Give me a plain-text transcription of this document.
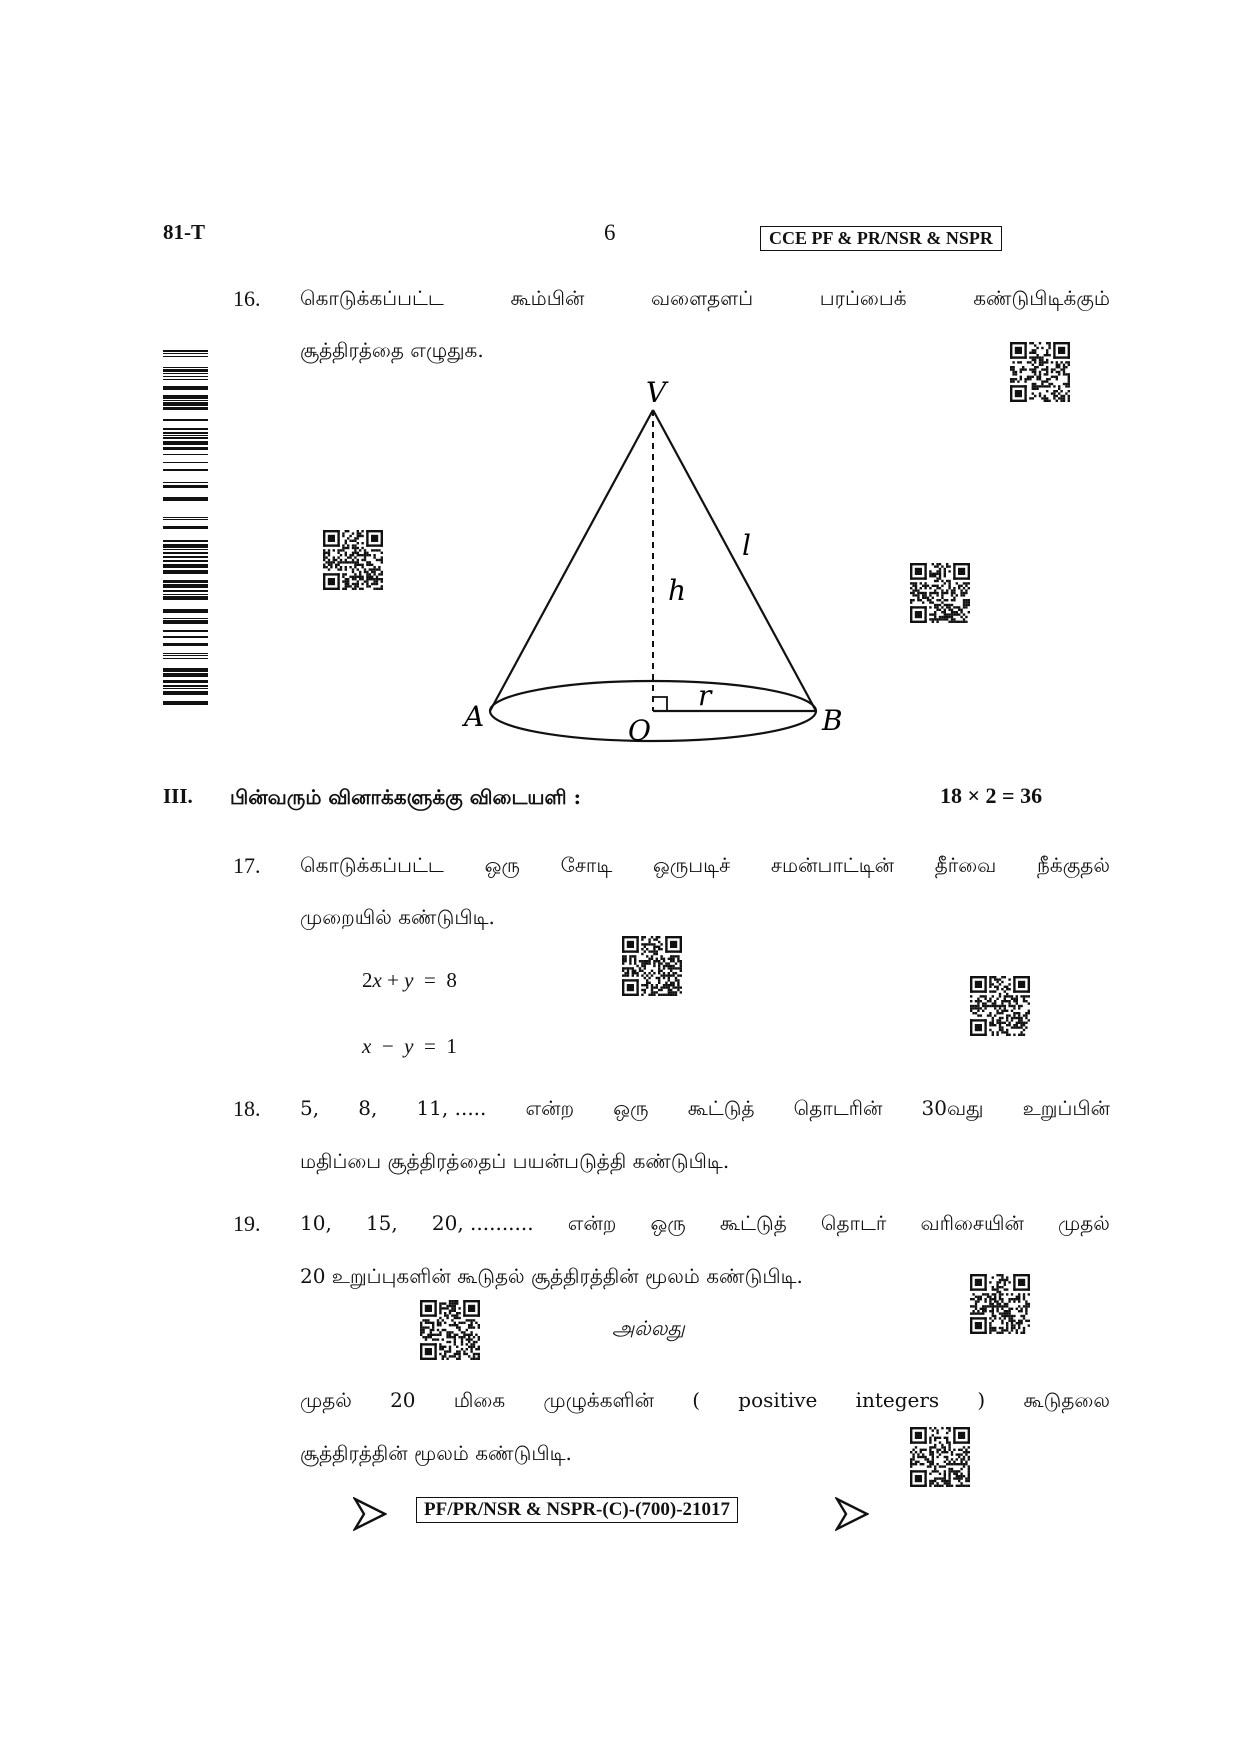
81-T	6	CCE PF & PR/NSR & NSPR
16. கொடுக்கப்பட்ட	கூம்பின்	வளைதளப்	பரப்பைக்	கண்டுபிடிக்கும்
சூத்திரத்தை எழுதுக.
V
l
h
A	O
r
B
III. பின்வரும் வினாக்களுக்கு விடையளி :	18 × 2 = 36
17. கொடுக்கப்பட்ட ஒரு சோடி ஒருபடிச் சமன்பாட்டின் தீர்வை நீக்குதல்
முறையில் கண்டுபிடி.
2x + y  =  8
x  −  y  =  1
18. 5, 8, 11, ..... என்ற ஒரு கூட்டுத் தொடரின் 30வது உறுப்பின்
மதிப்பை சூத்திரத்தைப் பயன்படுத்தி கண்டுபிடி.
19. 10, 15, 20, .......... என்ற ஒரு கூட்டுத் தொடர் வரிசையின் முதல்
20 உறுப்புகளின் கூடுதல் சூத்திரத்தின் மூலம் கண்டுபிடி.
அல்லது
முதல் 20 மிகை முழுக்களின் ( positive integers ) கூடுதலை
சூத்திரத்தின் மூலம் கண்டுபிடி.
PF/PR/NSR & NSPR-(C)-(700)-21017
